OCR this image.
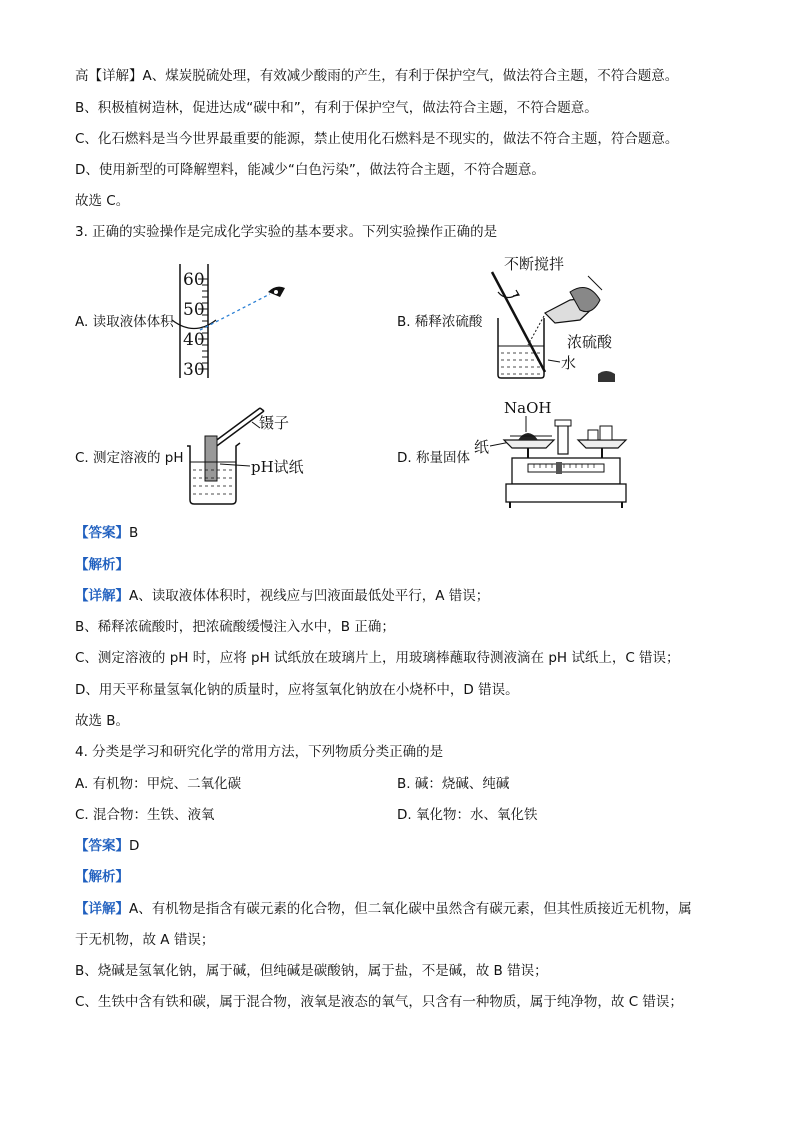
高【详解】A、煤炭脱硫处理，有效减少酸雨的产生，有利于保护空气，做法符合主题，不符合题意。
B、积极植树造林，促进达成“碳中和”，有利于保护空气，做法符合主题，不符合题意。
C、化石燃料是当今世界最重要的能源，禁止使用化石燃料是不现实的，做法不符合主题，符合题意。
D、使用新型的可降解塑料，能减少“白色污染”，做法符合主题，不符合题意。
故选 C。
3. 正确的实验操作是完成化学实验的基本要求。下列实验操作正确的是
A. 读取液体体积	B. 稀释浓硫酸
C. 测定溶液的 pH	D. 称量固体
60
50
40
30
不断搅拌
浓硫酸
水
镊子
pH试纸
NaOH
纸
【答案】B
【解析】
【详解】A、读取液体体积时，视线应与凹液面最低处平行，A 错误；
B、稀释浓硫酸时，把浓硫酸缓慢注入水中，B 正确；
C、测定溶液的 pH 时，应将 pH 试纸放在玻璃片上，用玻璃棒蘸取待测液滴在 pH 试纸上，C 错误；
D、用天平称量氢氧化钠的质量时，应将氢氧化钠放在小烧杯中，D 错误。
故选 B。
4. 分类是学习和研究化学的常用方法，下列物质分类正确的是
A. 有机物：甲烷、二氧化碳	B. 碱：烧碱、纯碱
C. 混合物：生铁、液氧	D. 氧化物：水、氧化铁
【答案】D
【解析】
【详解】A、有机物是指含有碳元素的化合物，但二氧化碳中虽然含有碳元素，但其性质接近无机物，属
于无机物，故 A 错误；
B、烧碱是氢氧化钠，属于碱，但纯碱是碳酸钠，属于盐，不是碱，故 B 错误；
C、生铁中含有铁和碳，属于混合物，液氧是液态的氧气，只含有一种物质，属于纯净物，故 C 错误；
